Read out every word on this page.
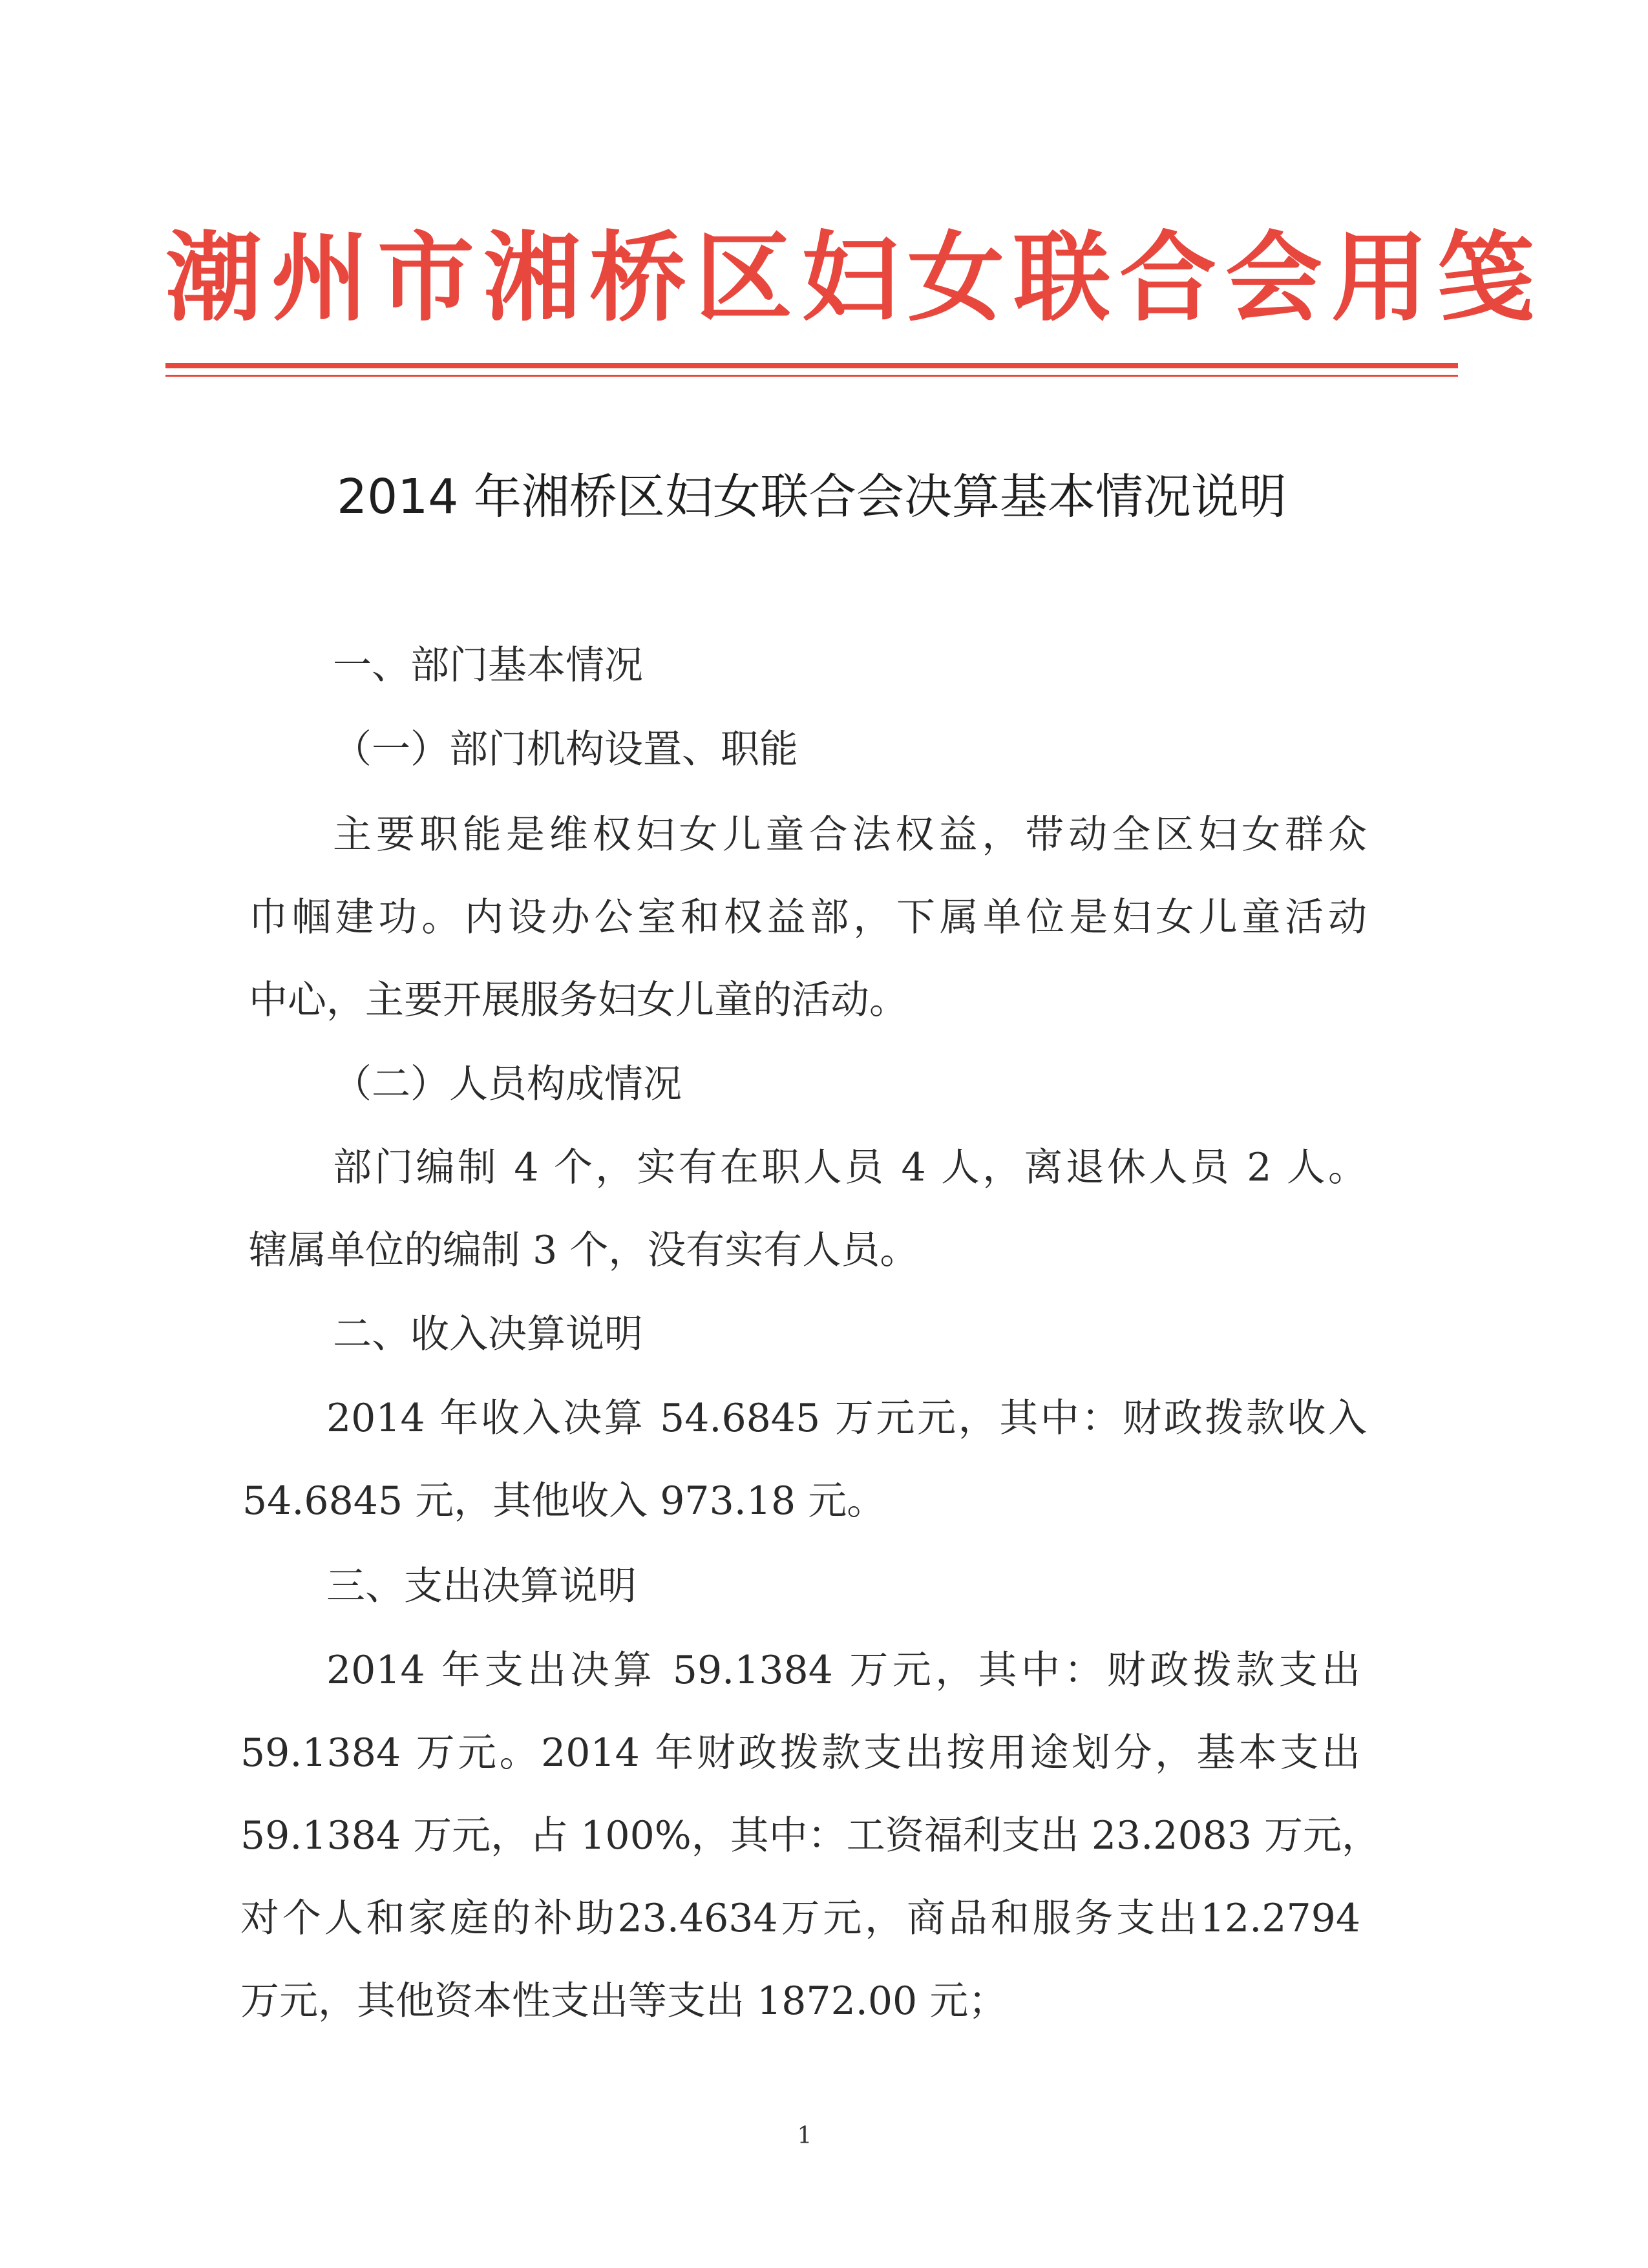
潮州市湘桥区妇女联合会用笺
2014 年湘桥区妇女联合会决算基本情况说明
一、部门基本情况
（一）部门机构设置、职能
主要职能是维权妇女儿童合法权益，带动全区妇女群众
巾帼建功。内设办公室和权益部，下属单位是妇女儿童活动
中心，主要开展服务妇女儿童的活动。
（二）人员构成情况
部门编制 4 个，实有在职人员 4 人，离退休人员 2 人。
辖属单位的编制 3 个，没有实有人员。
二、收入决算说明
2014 年收入决算 54.6845 万元元，其中：财政拨款收入
54.6845 元，其他收入 973.18 元。
三、支出决算说明
2014 年支出决算 59.1384 万元，其中：财政拨款支出
59.1384 万元。2014 年财政拨款支出按用途划分，基本支出
59.1384 万元，占 100%，其中：工资福利支出 23.2083 万元，
对个人和家庭的补助23.4634万元，商品和服务支出12.2794
万元，其他资本性支出等支出 1872.00 元；
1
